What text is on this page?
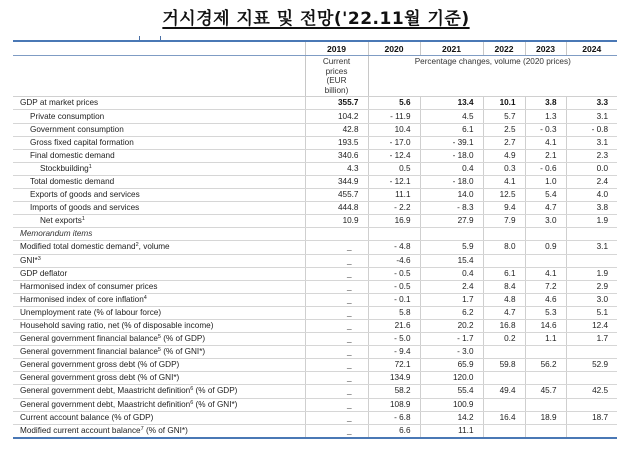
거시경제 지표 및 전망('22.11월 기준)
	2019	2020	2021	2022	2023	2024

	Current
prices
(EUR
billion)	Percentage changes, volume (2020 prices)				
GDP at market prices	355.7	5.6	13.4	10.1	3.8	3.3
Private consumption	104.2	- 11.9	4.5	5.7	1.3	3.1
Government consumption	42.8	10.4	6.1	2.5	- 0.3	- 0.8
Gross fixed capital formation	193.5	- 17.0	- 39.1	2.7	4.1	3.1
Final domestic demand	340.6	- 12.4	- 18.0	4.9	2.1	2.3
Stockbuilding$^1$	4.3	0.5	0.4	0.3	- 0.6	0.0
Total domestic demand	344.9	- 12.1	- 18.0	4.1	1.0	2.4
Exports of goods and services	455.7	11.1	14.0	12.5	5.4	4.0
Imports of goods and services	444.8	- 2.2	- 8.3	9.4	4.7	3.8
Net exports$^1$	10.9	16.9	27.9	7.9	3.0	1.9
Memorandum items						
Modified total domestic demand$^2$, volume	_	- 4.8	5.9	8.0	0.9	3.1
GNI*$^3$	_	-4.6	15.4			
GDP deflator	_	- 0.5	0.4	6.1	4.1	1.9
Harmonised index of consumer prices	_	- 0.5	2.4	8.4	7.2	2.9
Harmonised index of core inflation$^4$	_	- 0.1	1.7	4.8	4.6	3.0
Unemployment rate (% of labour force)	_	5.8	6.2	4.7	5.3	5.1
Household saving ratio, net (% of disposable income)	_	21.6	20.2	16.8	14.6	12.4
General government financial balance$^5$ (% of GDP)	_	- 5.0	- 1.7	0.2	1.1	1.7
General government financial balance$^5$ (% of GNI*)	_	- 9.4	- 3.0			
General government gross debt (% of GDP)	_	72.1	65.9	59.8	56.2	52.9
General government gross debt (% of GNI*)	_	134.9	120.0			
General government debt, Maastricht definition$^6$ (% of GDP)	_	58.2	55.4	49.4	45.7	42.5
General government debt, Maastricht definition$^6$ (% of GNI*)	_	108.9	100.9			
Current account balance (% of GDP)	_	- 6.8	14.2	16.4	18.9	18.7
Modified current account balance$^7$ (% of GNI*)	_	6.6	11.1			
